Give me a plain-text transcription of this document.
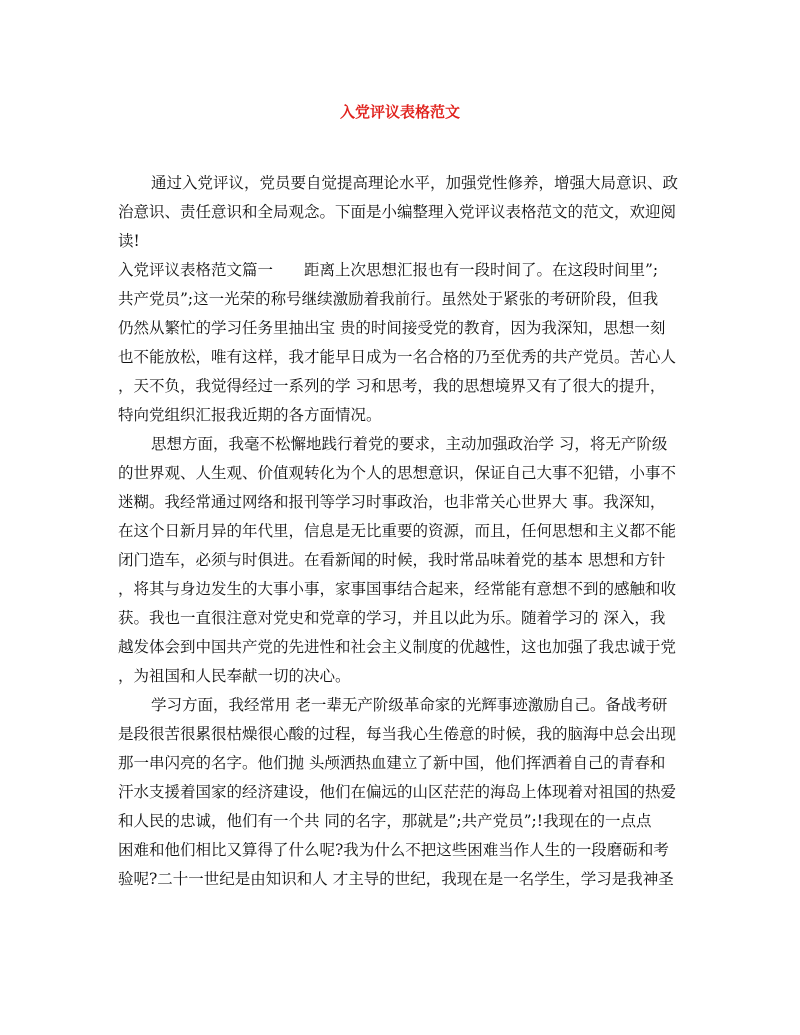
入党评议表格范文
通过入党评议，党员要自觉提高理论水平，加强党性修养，增强大局意识、政
治意识、责任意识和全局观念。下面是小编整理入党评议表格范文的范文，欢迎阅
读!
入党评议表格范文篇一　　距离上次思想汇报也有一段时间了。在这段时间里”;
共产党员”;这一光荣的称号继续激励着我前行。虽然处于紧张的考研阶段，但我
仍然从繁忙的学习任务里抽出宝 贵的时间接受党的教育，因为我深知，思想一刻
也不能放松，唯有这样，我才能早日成为一名合格的乃至优秀的共产党员。苦心人
，天不负，我觉得经过一系列的学 习和思考，我的思想境界又有了很大的提升，
特向党组织汇报我近期的各方面情况。
思想方面，我毫不松懈地践行着党的要求，主动加强政治学 习，将无产阶级
的世界观、人生观、价值观转化为个人的思想意识，保证自己大事不犯错，小事不
迷糊。我经常通过网络和报刊等学习时事政治，也非常关心世界大 事。我深知，
在这个日新月异的年代里，信息是无比重要的资源，而且，任何思想和主义都不能
闭门造车，必须与时俱进。在看新闻的时候，我时常品味着党的基本 思想和方针
，将其与身边发生的大事小事，家事国事结合起来，经常能有意想不到的感触和收
获。我也一直很注意对党史和党章的学习，并且以此为乐。随着学习的 深入，我
越发体会到中国共产党的先进性和社会主义制度的优越性，这也加强了我忠诚于党
，为祖国和人民奉献一切的决心。
学习方面，我经常用 老一辈无产阶级革命家的光辉事迹激励自己。备战考研
是段很苦很累很枯燥很心酸的过程，每当我心生倦意的时候，我的脑海中总会出现
那一串闪亮的名字。他们抛 头颅洒热血建立了新中国，他们挥洒着自己的青春和
汗水支援着国家的经济建设，他们在偏远的山区茫茫的海岛上体现着对祖国的热爱
和人民的忠诚，他们有一个共 同的名字，那就是”;共产党员”;!我现在的一点点
困难和他们相比又算得了什么呢?我为什么不把这些困难当作人生的一段磨砺和考
验呢?二十一世纪是由知识和人 才主导的世纪，我现在是一名学生，学习是我神圣
